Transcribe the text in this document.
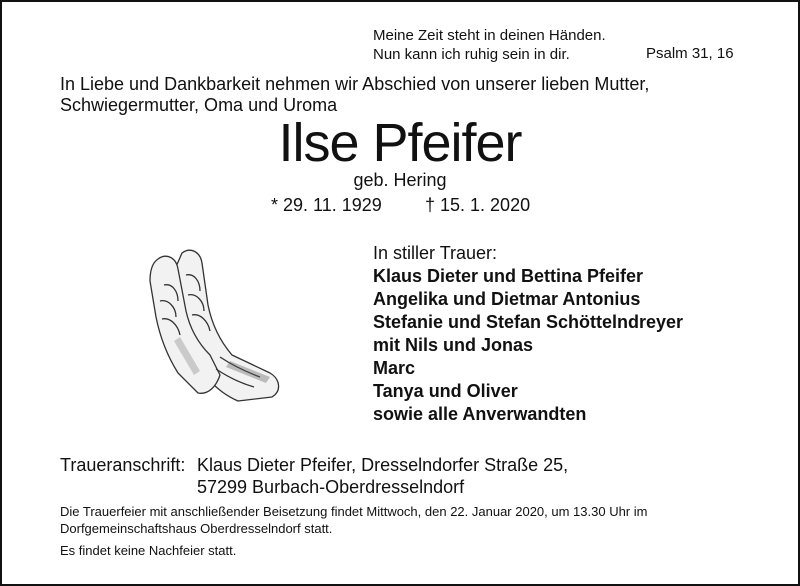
Meine Zeit steht in deinen Händen.
Nun kann ich ruhig sein in dir.	Psalm 31, 16
In Liebe und Dankbarkeit nehmen wir Abschied von unserer lieben Mutter, Schwiegermutter, Oma und Uroma
Ilse Pfeifer
geb. Hering
* 29. 11. 1929 † 15. 1. 2020
In stiller Trauer:
Klaus Dieter und Bettina Pfeifer
Angelika und Dietmar Antonius
Stefanie und Stefan Schöttelndreyer
mit Nils und Jonas
Marc
Tanya und Oliver
sowie alle Anverwandten
Traueranschrift: Klaus Dieter Pfeifer, Dresselndorfer Straße 25,
57299 Burbach-Oberdresselndorf
Die Trauerfeier mit anschließender Beisetzung findet Mittwoch, den 22. Januar 2020, um 13.30 Uhr im Dorfgemeinschaftshaus Oberdresselndorf statt.
Es findet keine Nachfeier statt.
